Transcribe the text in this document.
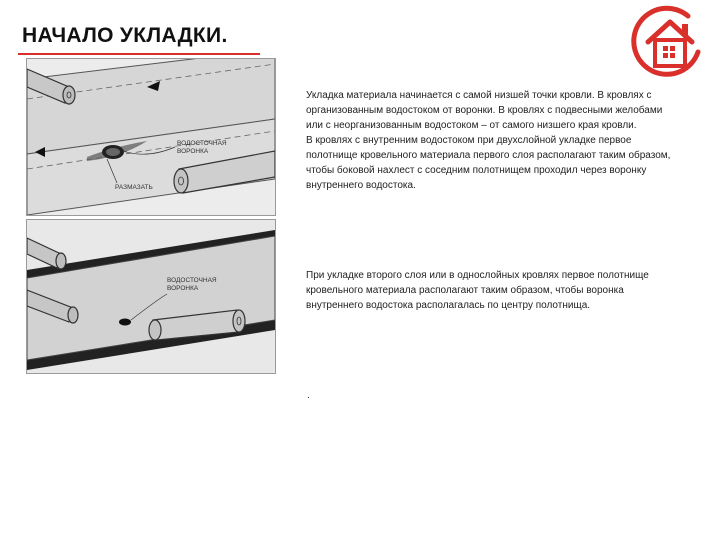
НАЧАЛО УКЛАДКИ.
ВОДОСТОЧНАЯ
ВОРОНКА
РАЗМАЗАТЬ
ВОДОСТОЧНАЯ
ВОРОНКА

Укладка материала начинается с самой низшей точки кровли. В кровлях с организованным водостоком от воронки. В кровлях с подвесными желобами или с неорганизованным водостоком – от самого низшего края кровли.

В кровлях с внутренним водостоком при двухслойной укладке первое полотнище кровельного материала первого слоя располагают таким образом, чтобы боковой нахлест с соседним полотнищем проходил через воронку внутреннего водостока.

При укладке второго слоя или в однослойных кровлях первое полотнище кровельного материала располагают таким образом, чтобы воронка внутреннего водостока располагалась по центру полотнища.

.
